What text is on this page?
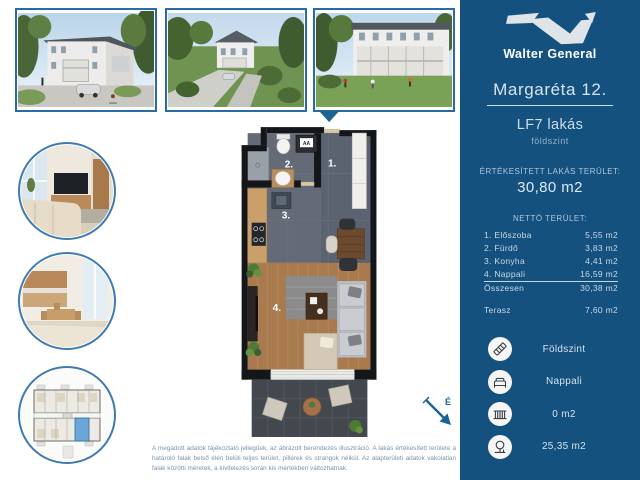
AA
1.
2.
3.
4.
É
A megadott adatok tájékoztató jellegűek, az ábrázolt berendezés illusztráció. A lakás értékesített területe a határoló falak belső élén belüli teljes terület, pillérek és strangok nélkül. Az alapterületi adatok vakolatlan falak közötti méretek, a kivitelezés során kis mértékben változhatnak.
Walter General
Margaréta 12.
LF7 lakás
földszint
ÉRTÉKESÍTETT LAKÁS TERÜLET:
30,80 m2
NETTÓ TERÜLET:
1. Előszoba	5,55 m2
2. Fürdő	3,83 m2
3. Konyha	4,41 m2
4. Nappali	16,59 m2
Összesen	30,38 m2
Terasz	7,60 m2
Földszint
Nappali
0 m2
25,35 m2
